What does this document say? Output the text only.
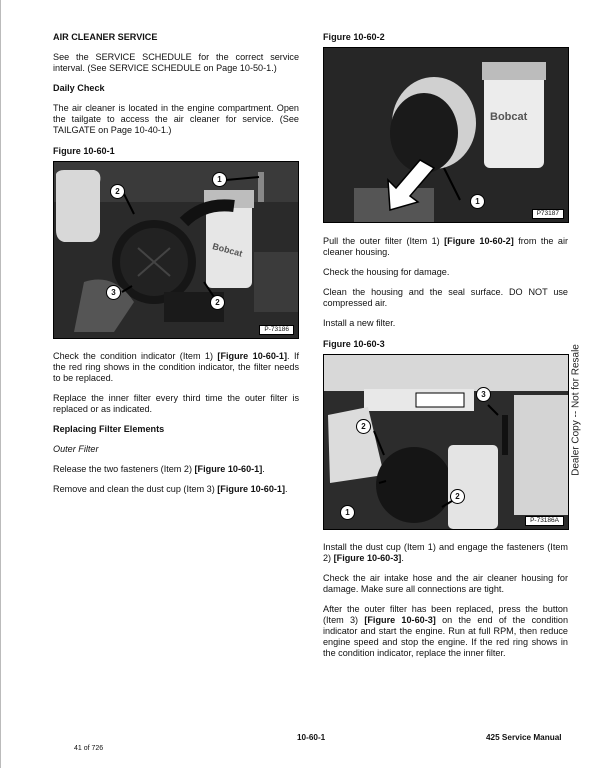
AIR CLEANER SERVICE

See the SERVICE SCHEDULE for the correct service interval. (See SERVICE SCHEDULE on Page 10-50-1.)

Daily Check

The air cleaner is located in the engine compartment. Open the tailgate to access the air cleaner for service. (See TAILGATE on Page 10-40-1.)

Figure 10-60-1

Bobcat
1
2
3
2
P-73186

Check the condition indicator (Item 1) [Figure 10-60-1]. If the red ring shows in the condition indicator, the filter needs to be replaced.

Replace the inner filter every third time the outer filter is replaced or as indicated.

Replacing Filter Elements

Outer Filter

Release the two fasteners (Item 2) [Figure 10-60-1].

Remove and clean the dust cup (Item 3) [Figure 10-60-1].

Figure 10-60-2

Bobcat
1
P73187

Pull the outer filter (Item 1) [Figure 10-60-2] from the air cleaner housing.

Check the housing for damage.

Clean the housing and the seal surface. DO NOT use compressed air.

Install a new filter.

Figure 10-60-3

3
2
2
1
P-73186A

Install the dust cup (Item 1) and engage the fasteners (Item 2) [Figure 10-60-3].

Check the air intake hose and the air cleaner housing for damage. Make sure all connections are tight.

After the outer filter has been replaced, press the button (Item 3) [Figure 10-60-3] on the end of the condition indicator and start the engine. Run at full RPM, then reduce engine speed and stop the engine. If the red ring shows in the condition indicator, replace the inner filter.

Dealer Copy -- Not for Resale
10-60-1	425 Service Manual
41 of 726
